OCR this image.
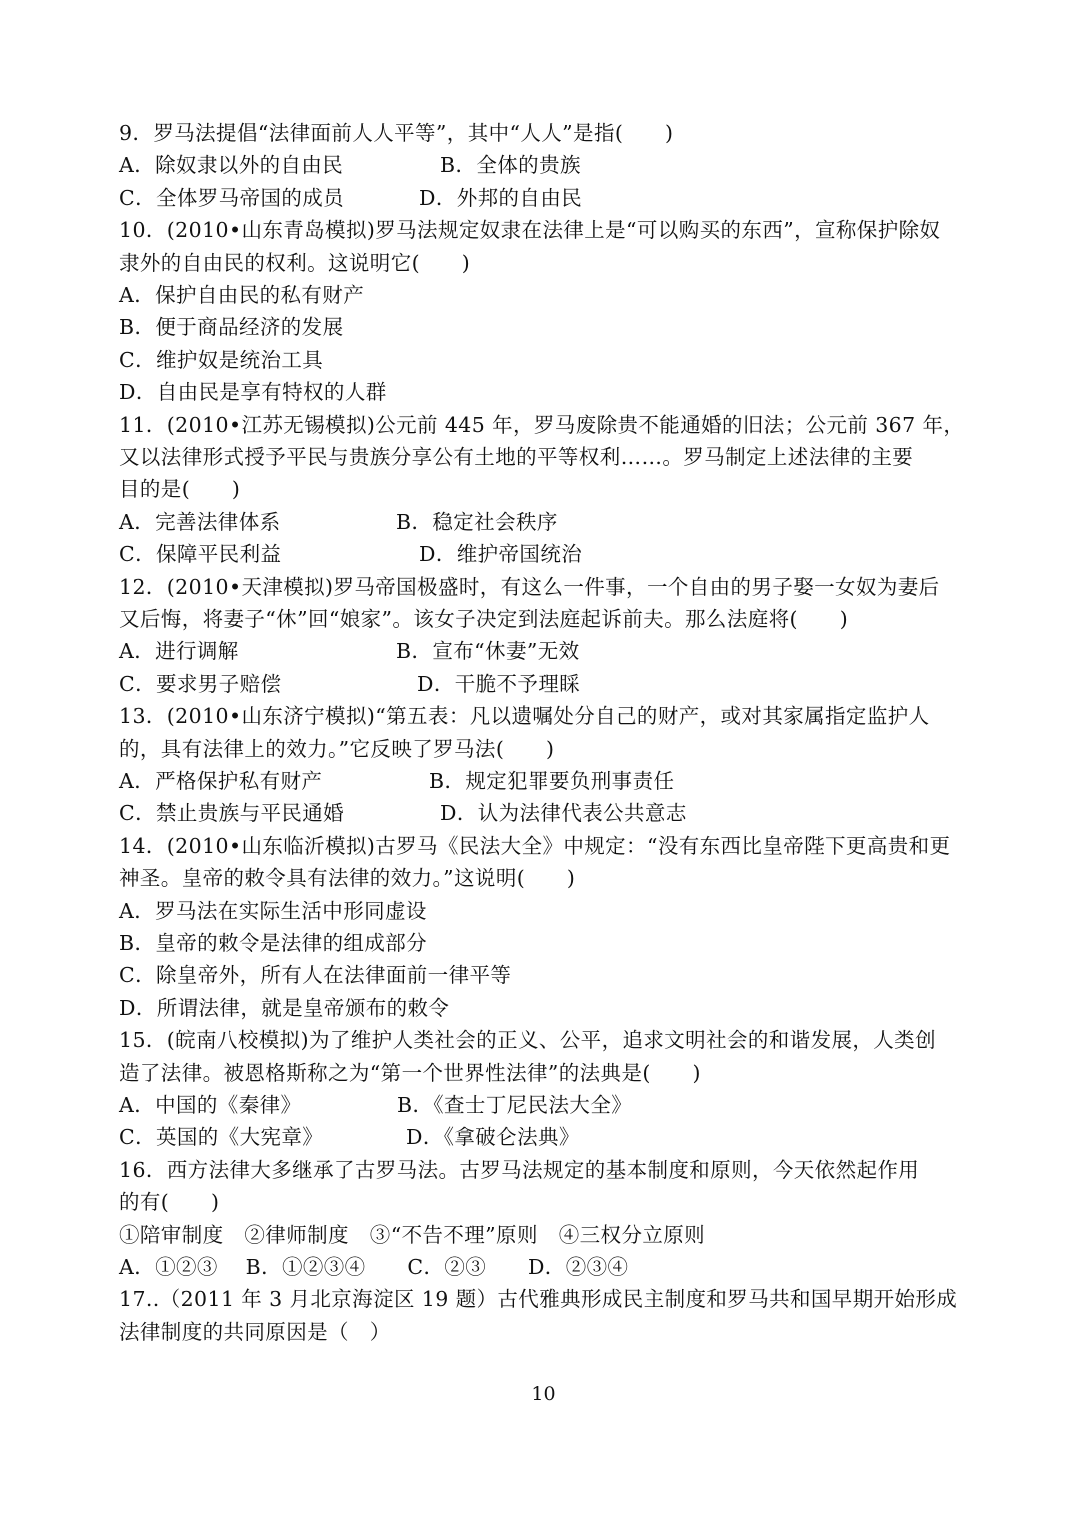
9．罗马法提倡“法律面前人人平等”，其中“人人”是指(　　)
A．除奴隶以外的自由民	B．全体的贵族
C．全体罗马帝国的成员	D．外邦的自由民
10．(2010•山东青岛模拟)罗马法规定奴隶在法律上是“可以购买的东西”，宣称保护除奴
隶外的自由民的权利。这说明它(　　)
A．保护自由民的私有财产
B．便于商品经济的发展
C．维护奴是统治工具
D．自由民是享有特权的人群
11．(2010•江苏无锡模拟)公元前 445 年，罗马废除贵不能通婚的旧法；公元前 367 年，
又以法律形式授予平民与贵族分享公有土地的平等权利……。罗马制定上述法律的主要
目的是(　　)
A．完善法律体系	B．稳定社会秩序
C．保障平民利益	D．维护帝国统治
12．(2010•天津模拟)罗马帝国极盛时，有这么一件事，一个自由的男子娶一女奴为妻后
又后悔，将妻子“休”回“娘家”。该女子决定到法庭起诉前夫。那么法庭将(　　)
A．进行调解	B．宣布“休妻”无效
C．要求男子赔偿	D．干脆不予理睬
13．(2010•山东济宁模拟)“第五表：凡以遗嘱处分自己的财产，或对其家属指定监护人
的，具有法律上的效力。”它反映了罗马法(　　)
A．严格保护私有财产	B．规定犯罪要负刑事责任
C．禁止贵族与平民通婚	D．认为法律代表公共意志
14．(2010•山东临沂模拟)古罗马《民法大全》中规定：“没有东西比皇帝陛下更高贵和更
神圣。皇帝的敕令具有法律的效力。”这说明(　　)
A．罗马法在实际生活中形同虚设
B．皇帝的敕令是法律的组成部分
C．除皇帝外，所有人在法律面前一律平等
D．所谓法律，就是皇帝颁布的敕令
15．(皖南八校模拟)为了维护人类社会的正义、公平，追求文明社会的和谐发展，人类创
造了法律。被恩格斯称之为“第一个世界性法律”的法典是(　　)
A．中国的《秦律》	B．《查士丁尼民法大全》
C．英国的《大宪章》	D．《拿破仑法典》
16．西方法律大多继承了古罗马法。古罗马法规定的基本制度和原则，今天依然起作用
的有(　　)
①陪审制度　②律师制度　③“不告不理”原则　④三权分立原则
A．①②③　 B．①②③④　　C．②③　　D．②③④
17..（2011 年 3 月北京海淀区 19 题）古代雅典形成民主制度和罗马共和国早期开始形成
法律制度的共同原因是（　）
10
